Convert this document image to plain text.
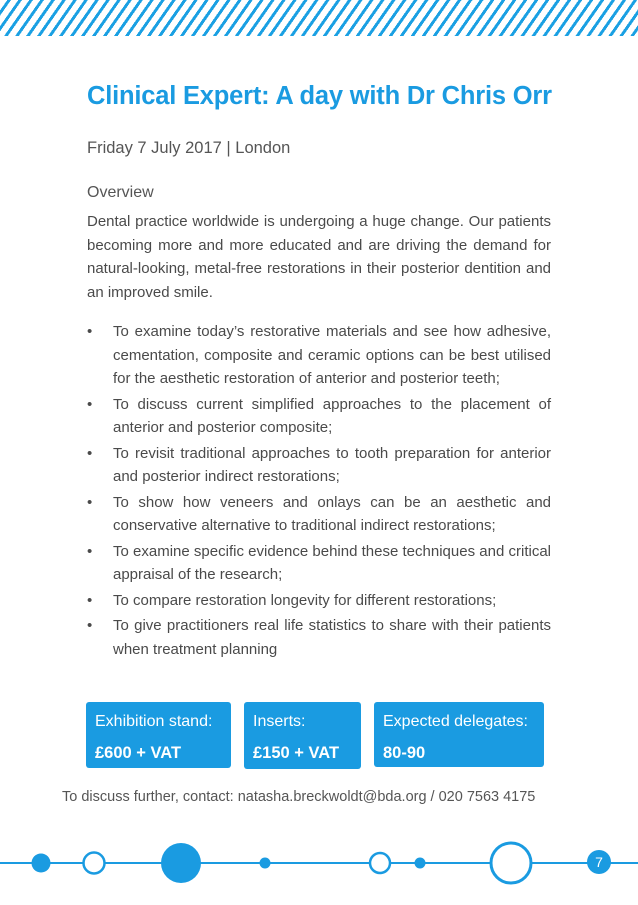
Clinical Expert: A day with Dr Chris Orr
Friday 7 July 2017 | London
Overview

Dental practice worldwide is undergoing a huge change. Our patients becoming more and more educated and are driving the demand for natural-looking, metal-free restorations in their posterior dentition and an improved smile.

• To examine today’s restorative materials and see how adhesive, cementation, composite and ceramic options can be best utilised for the aesthetic restoration of anterior and posterior teeth;
• To discuss current simplified approaches to the placement of anterior and posterior composite;
• To revisit traditional approaches to tooth preparation for anterior and posterior indirect restorations;
• To show how veneers and onlays can be an aesthetic and conservative alternative to traditional indirect restorations;
• To examine specific evidence behind these techniques and critical appraisal of the research;
• To compare restoration longevity for different restorations;
• To give practitioners real life statistics to share with their patients when treatment planning
Exhibition stand:
£600 + VAT
Inserts:
£150 + VAT
Expected delegates:
80-90
To discuss further, contact: natasha.breckwoldt@bda.org / 020 7563 4175
7
